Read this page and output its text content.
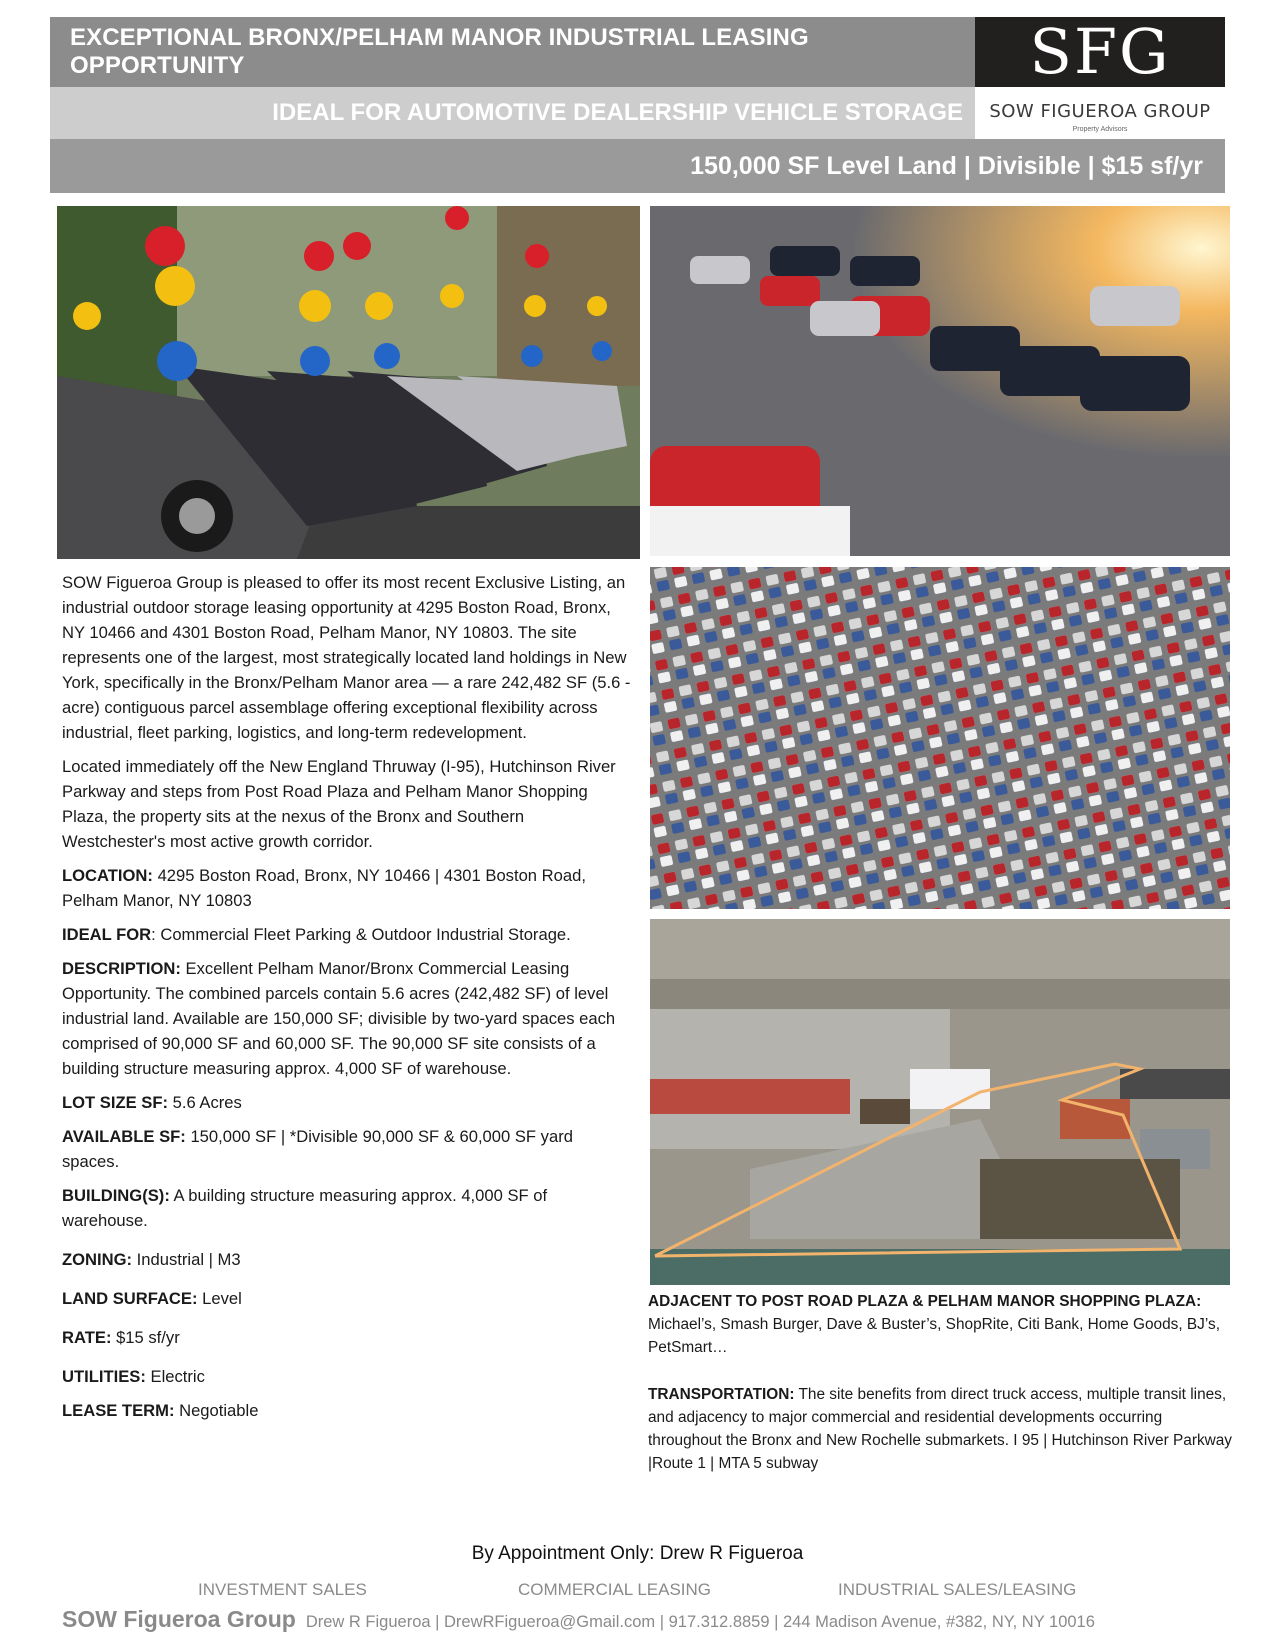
EXCEPTIONAL BRONX/PELHAM MANOR INDUSTRIAL LEASING OPPORTUNITY	SFG
IDEAL FOR AUTOMOTIVE DEALERSHIP VEHICLE STORAGE	SOW FIGUEROA GROUP
Property Advisors
150,000 SF Level Land | Divisible | $15 sf/yr

SOW Figueroa Group is pleased to offer its most recent Exclusive Listing, an industrial outdoor storage leasing opportunity at 4295 Boston Road, Bronx, NY 10466 and 4301 Boston Road, Pelham Manor, NY 10803. The site represents one of the largest, most strategically located land holdings in New York, specifically in the Bronx/Pelham Manor area — a rare 242,482 SF (5.6 -acre) contiguous parcel assemblage offering exceptional flexibility across industrial, fleet parking, logistics, and long-term redevelopment.

Located immediately off the New England Thruway (I-95), Hutchinson River Parkway and steps from Post Road Plaza and Pelham Manor Shopping Plaza, the property sits at the nexus of the Bronx and Southern Westchester's most active growth corridor.

LOCATION: 4295 Boston Road, Bronx, NY 10466 | 4301 Boston Road, Pelham Manor, NY 10803
IDEAL FOR: Commercial Fleet Parking & Outdoor Industrial Storage.
DESCRIPTION: Excellent Pelham Manor/Bronx Commercial Leasing Opportunity. The combined parcels contain 5.6 acres (242,482 SF) of level industrial land. Available are 150,000 SF; divisible by two-yard spaces each comprised of 90,000 SF and 60,000 SF. The 90,000 SF site consists of a building structure measuring approx. 4,000 SF of warehouse.
LOT SIZE SF: 5.6 Acres
AVAILABLE SF: 150,000 SF | *Divisible 90,000 SF & 60,000 SF yard spaces.
BUILDING(S): A building structure measuring approx. 4,000 SF of warehouse.
ZONING: Industrial | M3
LAND SURFACE: Level
RATE: $15 sf/yr
UTILITIES: Electric
LEASE TERM: Negotiable
ADJACENT TO POST ROAD PLAZA & PELHAM MANOR SHOPPING PLAZA:
Michael’s, Smash Burger, Dave & Buster’s, ShopRite, Citi Bank, Home Goods, BJ’s, PetSmart…
TRANSPORTATION: The site benefits from direct truck access, multiple transit lines, and adjacency to major commercial and residential developments occurring throughout the Bronx and New Rochelle submarkets. I 95 | Hutchinson River Parkway |Route 1 | MTA 5 subway
By Appointment Only: Drew R Figueroa
INVESTMENT SALES	COMMERCIAL LEASING	INDUSTRIAL SALES/LEASING
SOW Figueroa Group Drew R Figueroa | DrewRFigueroa@Gmail.com | 917.312.8859 | 244 Madison Avenue, #382, NY, NY 10016
